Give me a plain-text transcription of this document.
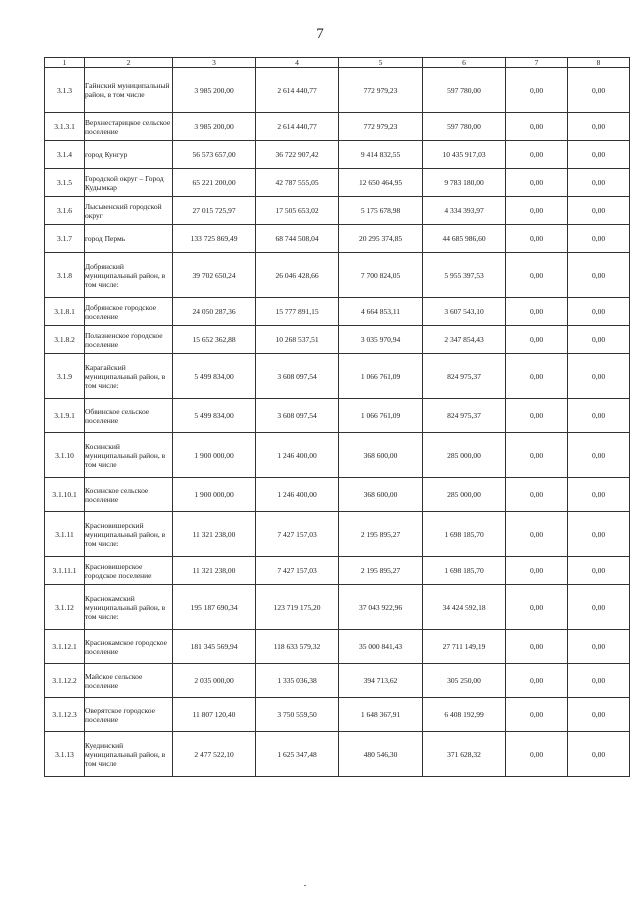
7
1	2	3	4	5	6	7	8
3.1.3	Гайнский муниципальный район, в том числе	3 985 200,00	2 614 440,77	772 979,23	597 780,00	0,00	0,00
3.1.3.1	Верхнестарицкое сельское поселение	3 985 200,00	2 614 440,77	772 979,23	597 780,00	0,00	0,00
3.1.4	город Кунгур	56 573 657,00	36 722 907,42	9 414 832,55	10 435 917,03	0,00	0,00
3.1.5	Городской округ – Город Кудымкар	65 221 200,00	42 787 555,05	12 650 464,95	9 783 180,00	0,00	0,00
3.1.6	Лысьвенский городской округ	27 015 725,97	17 505 653,02	5 175 678,98	4 334 393,97	0,00	0,00
3.1.7	город Пермь	133 725 869,49	68 744 508,04	20 295 374,85	44 685 986,60	0,00	0,00
3.1.8	Добрянский муниципальный район, в том числе:	39 702 650,24	26 046 428,66	7 700 824,05	5 955 397,53	0,00	0,00
3.1.8.1	Добрянское городское поселение	24 050 287,36	15 777 891,15	4 664 853,11	3 607 543,10	0,00	0,00
3.1.8.2	Полазненское городское поселение	15 652 362,88	10 268 537,51	3 035 970,94	2 347 854,43	0,00	0,00
3.1.9	Карагайский муниципальный район, в том числе:	5 499 834,00	3 608 097,54	1 066 761,09	824 975,37	0,00	0,00
3.1.9.1	Обвинское сельское поселение	5 499 834,00	3 608 097,54	1 066 761,09	824 975,37	0,00	0,00
3.1.10	Косинский муниципальный район, в том числе	1 900 000,00	1 246 400,00	368 600,00	285 000,00	0,00	0,00
3.1.10.1	Косинское сельское поселение	1 900 000,00	1 246 400,00	368 600,00	285 000,00	0,00	0,00
3.1.11	Красновишерский муниципальный район, в том числе:	11 321 238,00	7 427 157,03	2 195 895,27	1 698 185,70	0,00	0,00
3.1.11.1	Красновишерское городское поселение	11 321 238,00	7 427 157,03	2 195 895,27	1 698 185,70	0,00	0,00
3.1.12	Краснокамский муниципальный район, в том числе:	195 187 690,34	123 719 175,20	37 043 922,96	34 424 592,18	0,00	0,00
3.1.12.1	Краснокамское городское поселение	181 345 569,94	118 633 579,32	35 000 841,43	27 711 149,19	0,00	0,00
3.1.12.2	Майское сельское поселение	2 035 000,00	1 335 036,38	394 713,62	305 250,00	0,00	0,00
3.1.12.3	Оверятское городское поселение	11 807 120,40	3 750 559,50	1 648 367,91	6 408 192,99	0,00	0,00
3.1.13	Куединский муниципальный район, в том числе	2 477 522,10	1 625 347,48	480 546,30	371 628,32	0,00	0,00
